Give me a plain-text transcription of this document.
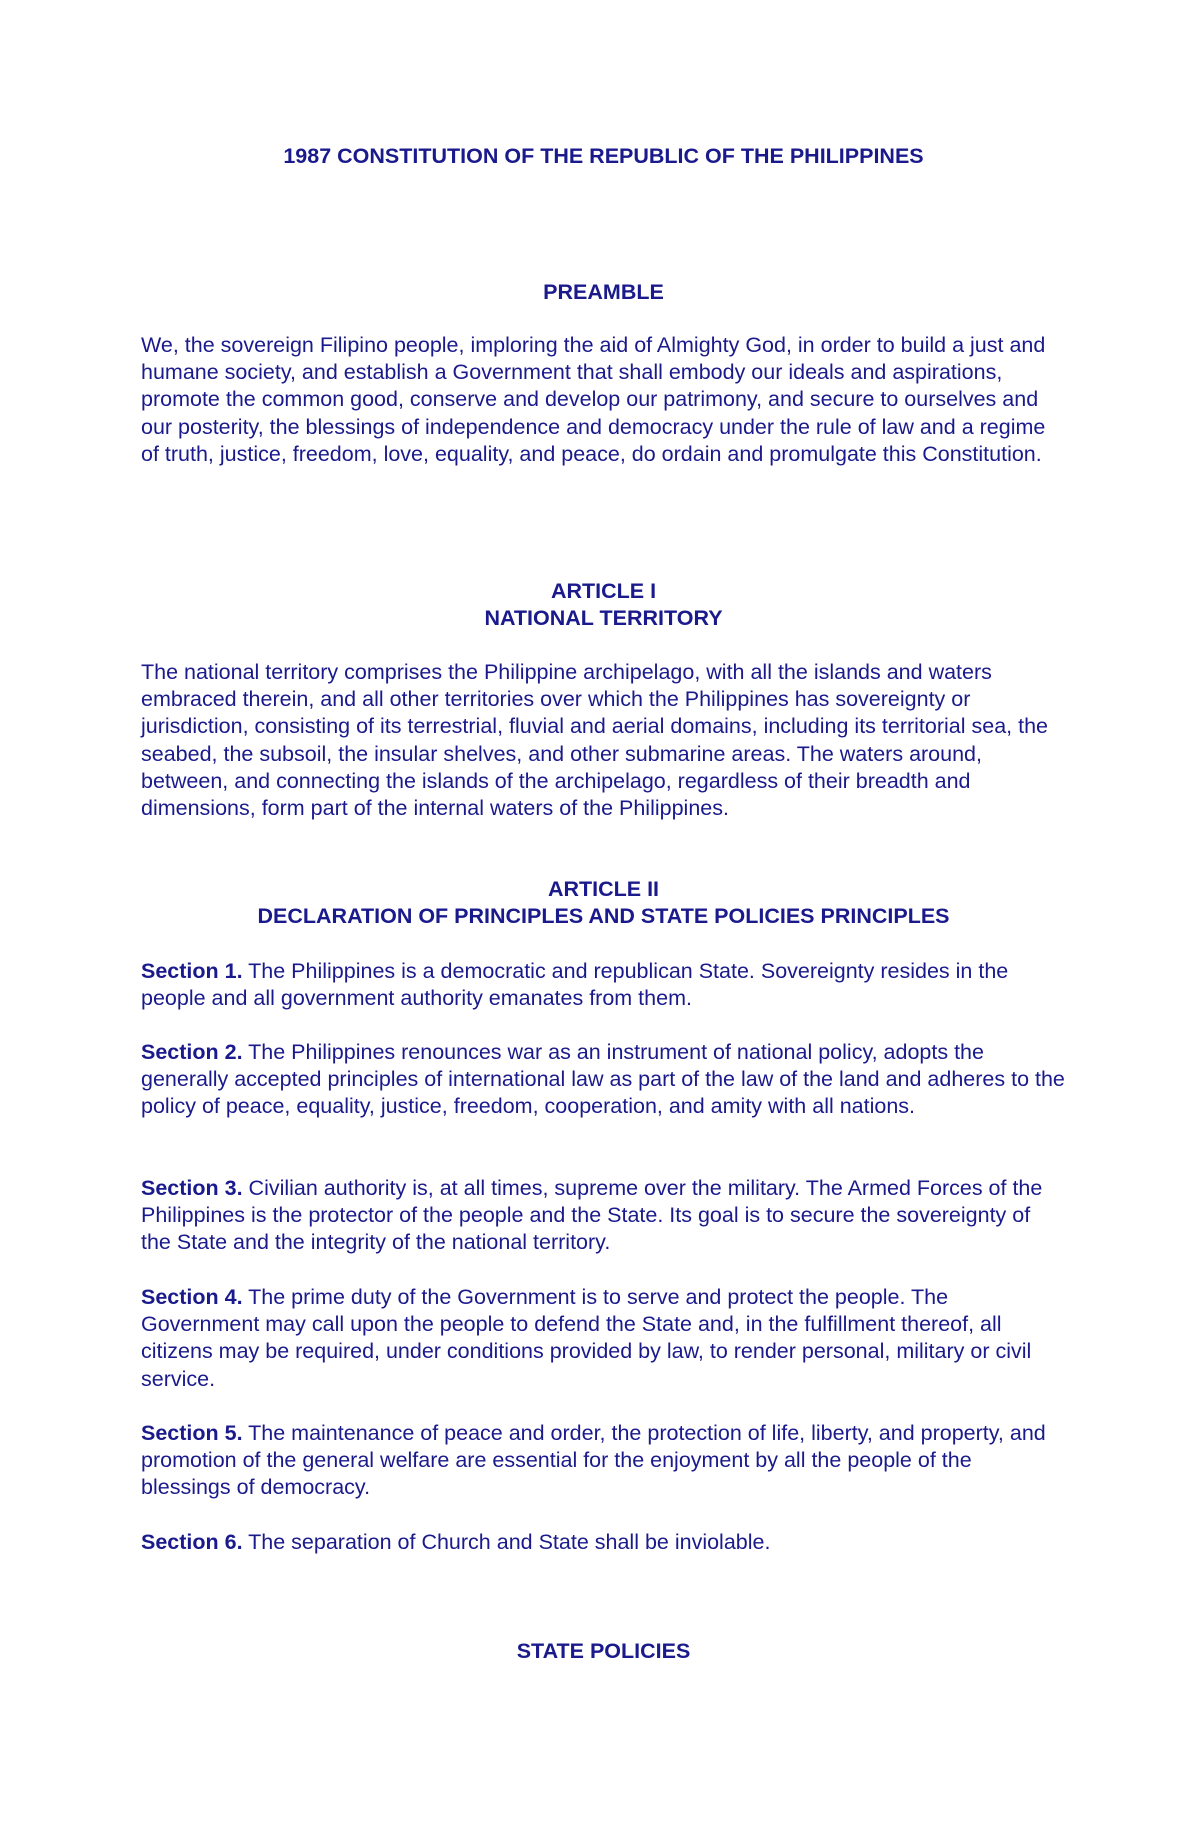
1987 CONSTITUTION OF THE REPUBLIC OF THE PHILIPPINES
PREAMBLE

We, the sovereign Filipino people, imploring the aid of Almighty God, in order to build a just and humane society, and establish a Government that shall embody our ideals and aspirations, promote the common good, conserve and develop our patrimony, and secure to ourselves and our posterity, the blessings of independence and democracy under the rule of law and a regime of truth, justice, freedom, love, equality, and peace, do ordain and promulgate this Constitution.

ARTICLE I
NATIONAL TERRITORY

The national territory comprises the Philippine archipelago, with all the islands and waters embraced therein, and all other territories over which the Philippines has sovereignty or jurisdiction, consisting of its terrestrial, fluvial and aerial domains, including its territorial sea, the seabed, the subsoil, the insular shelves, and other submarine areas. The waters around, between, and connecting the islands of the archipelago, regardless of their breadth and dimensions, form part of the internal waters of the Philippines.

ARTICLE II
DECLARATION OF PRINCIPLES AND STATE POLICIES PRINCIPLES

Section 1. The Philippines is a democratic and republican State. Sovereignty resides in the people and all government authority emanates from them.

Section 2. The Philippines renounces war as an instrument of national policy, adopts the generally accepted principles of international law as part of the law of the land and adheres to the policy of peace, equality, justice, freedom, cooperation, and amity with all nations.

Section 3. Civilian authority is, at all times, supreme over the military. The Armed Forces of the Philippines is the protector of the people and the State. Its goal is to secure the sovereignty of the State and the integrity of the national territory.

Section 4. The prime duty of the Government is to serve and protect the people. The Government may call upon the people to defend the State and, in the fulfillment thereof, all citizens may be required, under conditions provided by law, to render personal, military or civil service.

Section 5. The maintenance of peace and order, the protection of life, liberty, and property, and promotion of the general welfare are essential for the enjoyment by all the people of the blessings of democracy.

Section 6. The separation of Church and State shall be inviolable.

STATE POLICIES
